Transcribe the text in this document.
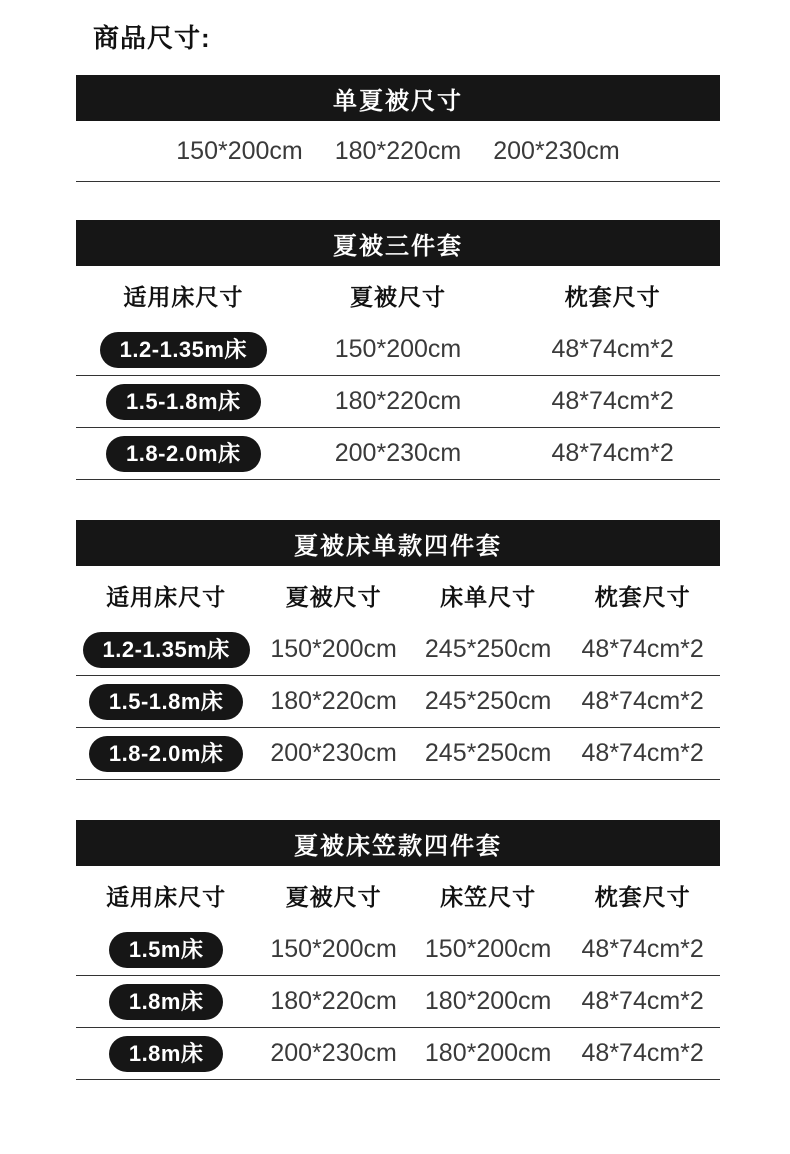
商品尺寸:
单夏被尺寸
150*200cm 180*220cm 200*230cm
夏被三件套
适用床尺寸	夏被尺寸	枕套尺寸
1.2-1.35m床	150*200cm	48*74cm*2
1.5-1.8m床	180*220cm	48*74cm*2
1.8-2.0m床	200*230cm	48*74cm*2
夏被床单款四件套
适用床尺寸	夏被尺寸	床单尺寸	枕套尺寸
1.2-1.35m床	150*200cm	245*250cm	48*74cm*2
1.5-1.8m床	180*220cm	245*250cm	48*74cm*2
1.8-2.0m床	200*230cm	245*250cm	48*74cm*2
夏被床笠款四件套
适用床尺寸	夏被尺寸	床笠尺寸	枕套尺寸
1.5m床	150*200cm	150*200cm	48*74cm*2
1.8m床	180*220cm	180*200cm	48*74cm*2
1.8m床	200*230cm	180*200cm	48*74cm*2
